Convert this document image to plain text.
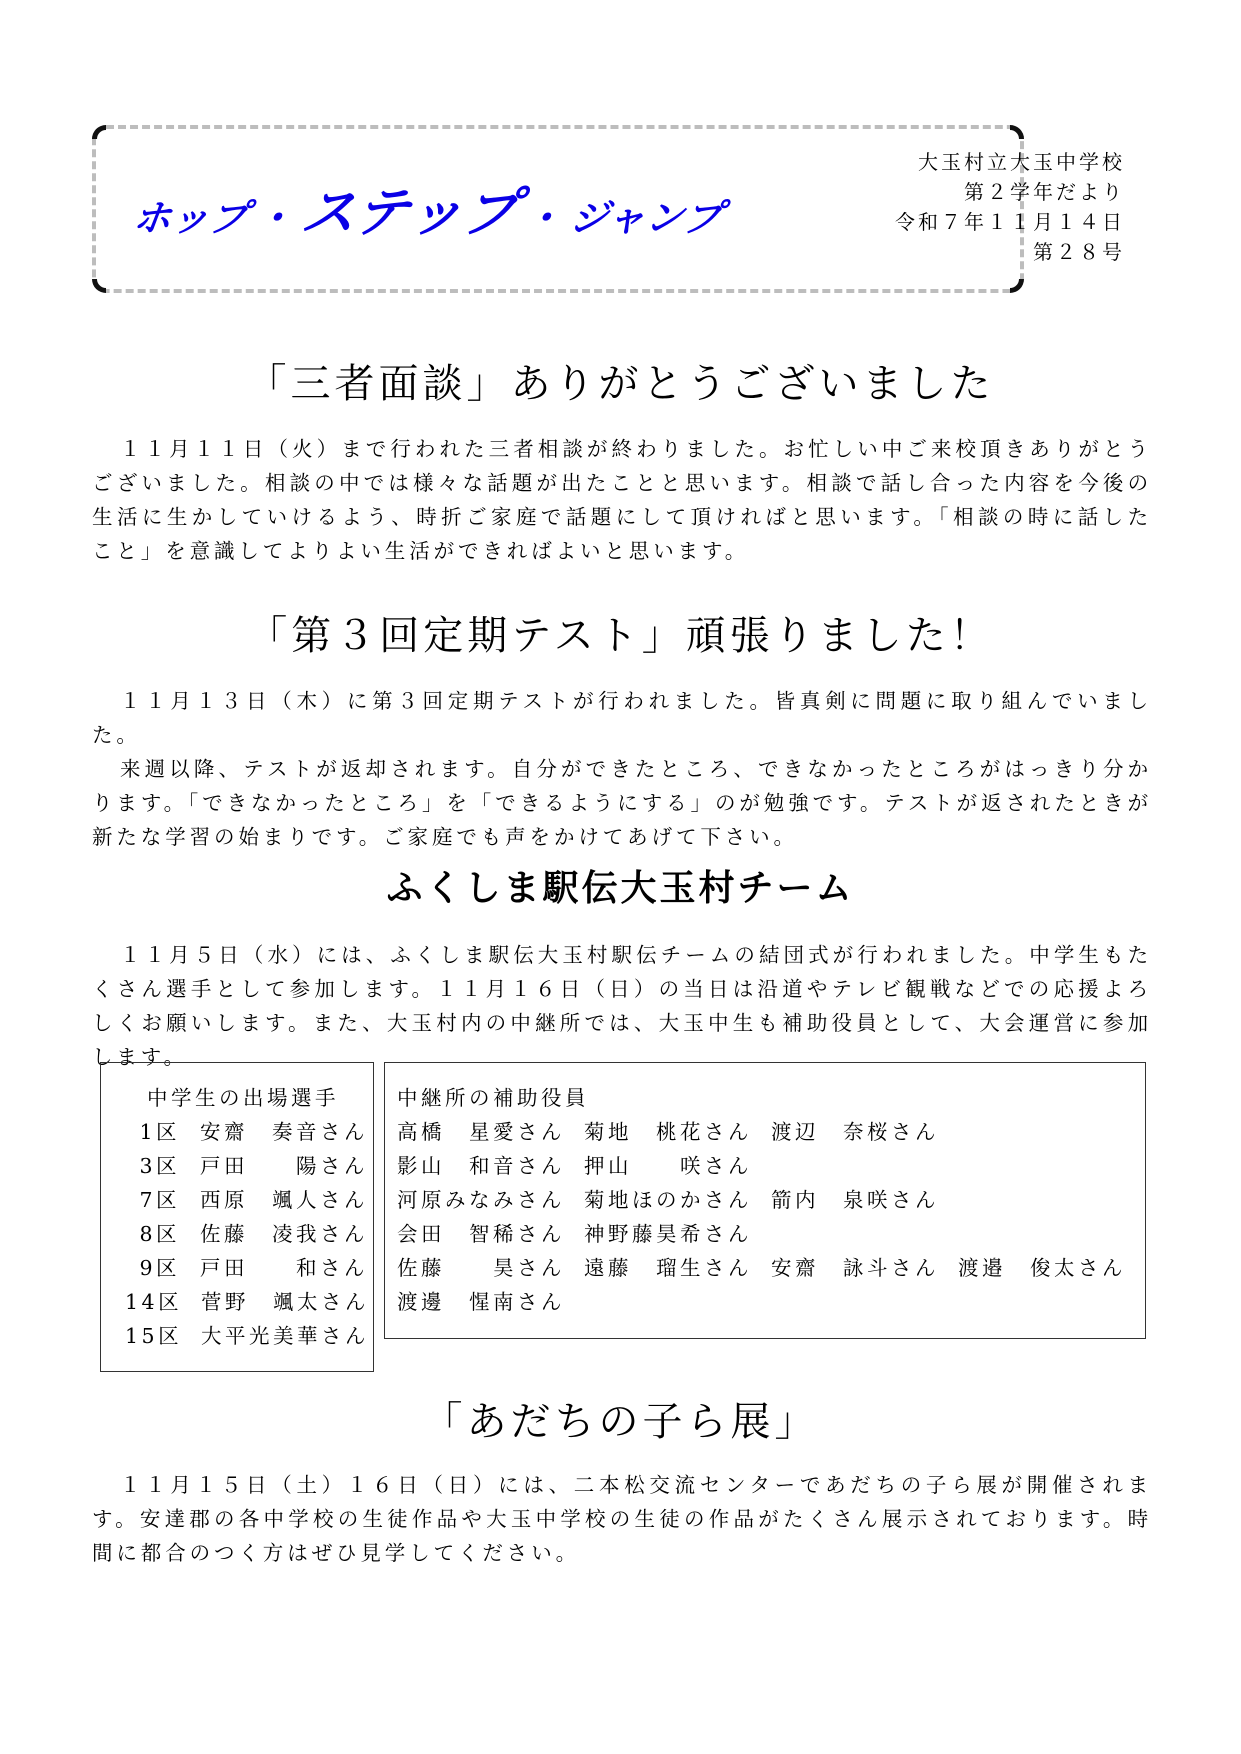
ホップ・ステップ・ジャンプ
大玉村立大玉中学校
第２学年だより
令和７年１１月１４日
第２８号
「三者面談」ありがとうございました

１１月１１日（火）まで行われた三者相談が終わりました。お忙しい中ご来校頂きありがとうございました。相談の中では様々な話題が出たことと思います。相談で話し合った内容を今後の生活に生かしていけるよう、時折ご家庭で話題にして頂ければと思います。「相談の時に話したこと」を意識してよりよい生活ができればよいと思います。

「第３回定期テスト」頑張りました！

１１月１３日（木）に第３回定期テストが行われました。皆真剣に問題に取り組んでいました。

来週以降、テストが返却されます。自分ができたところ、できなかったところがはっきり分かります。「できなかったところ」を「できるようにする」のが勉強です。テストが返されたときが新たな学習の始まりです。ご家庭でも声をかけてあげて下さい。

ふくしま駅伝大玉村チーム

１１月５日（水）には、ふくしま駅伝大玉村駅伝チームの結団式が行われました。中学生もたくさん選手として参加します。１１月１６日（日）の当日は沿道やテレビ観戦などでの応援よろしくお願いします。また、大玉村内の中継所では、大玉中生も補助役員として、大会運営に参加します。

中学生の出場選手
1区 安齋　奏音さん
3区 戸田　　陽さん
7区 西原　颯人さん
8区 佐藤　凌我さん
9区 戸田　　和さん
14区 菅野　颯太さん
15区 大平光美華さん
中継所の補助役員
高橋　星愛さん 菊地　桃花さん 渡辺　奈桜さん
影山　和音さん 押山　　咲さん
河原みなみさん 菊地ほのかさん 箭内　泉咲さん
会田　智稀さん 神野藤昊希さん
佐藤　　昊さん 遠藤　瑠生さん 安齋　詠斗さん 渡邉　俊太さん
渡邊　惺南さん
「あだちの子ら展」

１１月１５日（土）１６日（日）には、二本松交流センターであだちの子ら展が開催されます。安達郡の各中学校の生徒作品や大玉中学校の生徒の作品がたくさん展示されております。時間に都合のつく方はぜひ見学してください。
